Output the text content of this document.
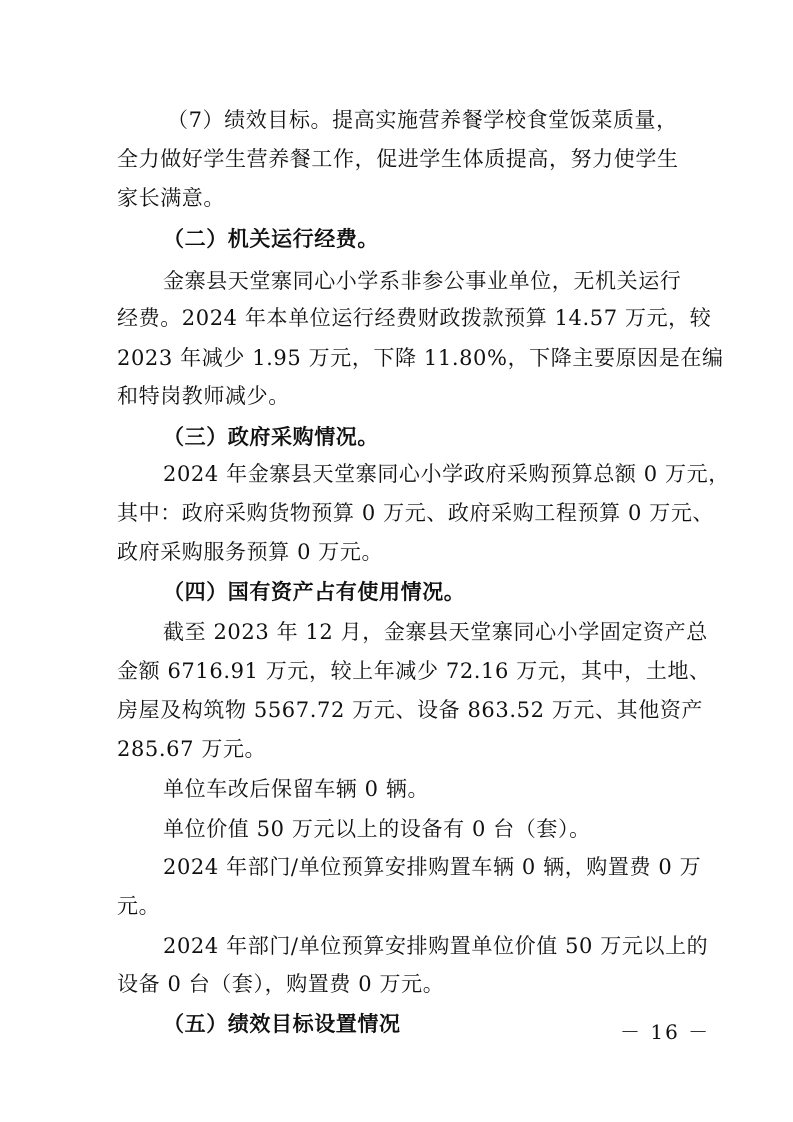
（7）绩效目标。提高实施营养餐学校食堂饭菜质量，
全力做好学生营养餐工作，促进学生体质提高，努力使学生
家长满意。
（二）机关运行经费。
金寨县天堂寨同心小学系非参公事业单位，无机关运行
经费。2024 年本单位运行经费财政拨款预算 14.57 万元，较
2023 年减少 1.95 万元，下降 11.80%，下降主要原因是在编
和特岗教师减少。
（三）政府采购情况。
2024 年金寨县天堂寨同心小学政府采购预算总额 0 万元，
其中：政府采购货物预算 0 万元、政府采购工程预算 0 万元、
政府采购服务预算 0 万元。
（四）国有资产占有使用情况。
截至 2023 年 12 月，金寨县天堂寨同心小学固定资产总
金额 6716.91 万元，较上年减少 72.16 万元，其中，土地、
房屋及构筑物 5567.72 万元、设备 863.52 万元、其他资产
285.67 万元。
单位车改后保留车辆 0 辆。
单位价值 50 万元以上的设备有 0 台（套）。
2024 年部门/单位预算安排购置车辆 0 辆，购置费 0 万
元。
2024 年部门/单位预算安排购置单位价值 50 万元以上的
设备 0 台（套），购置费 0 万元。
（五）绩效目标设置情况	－ 16 －
